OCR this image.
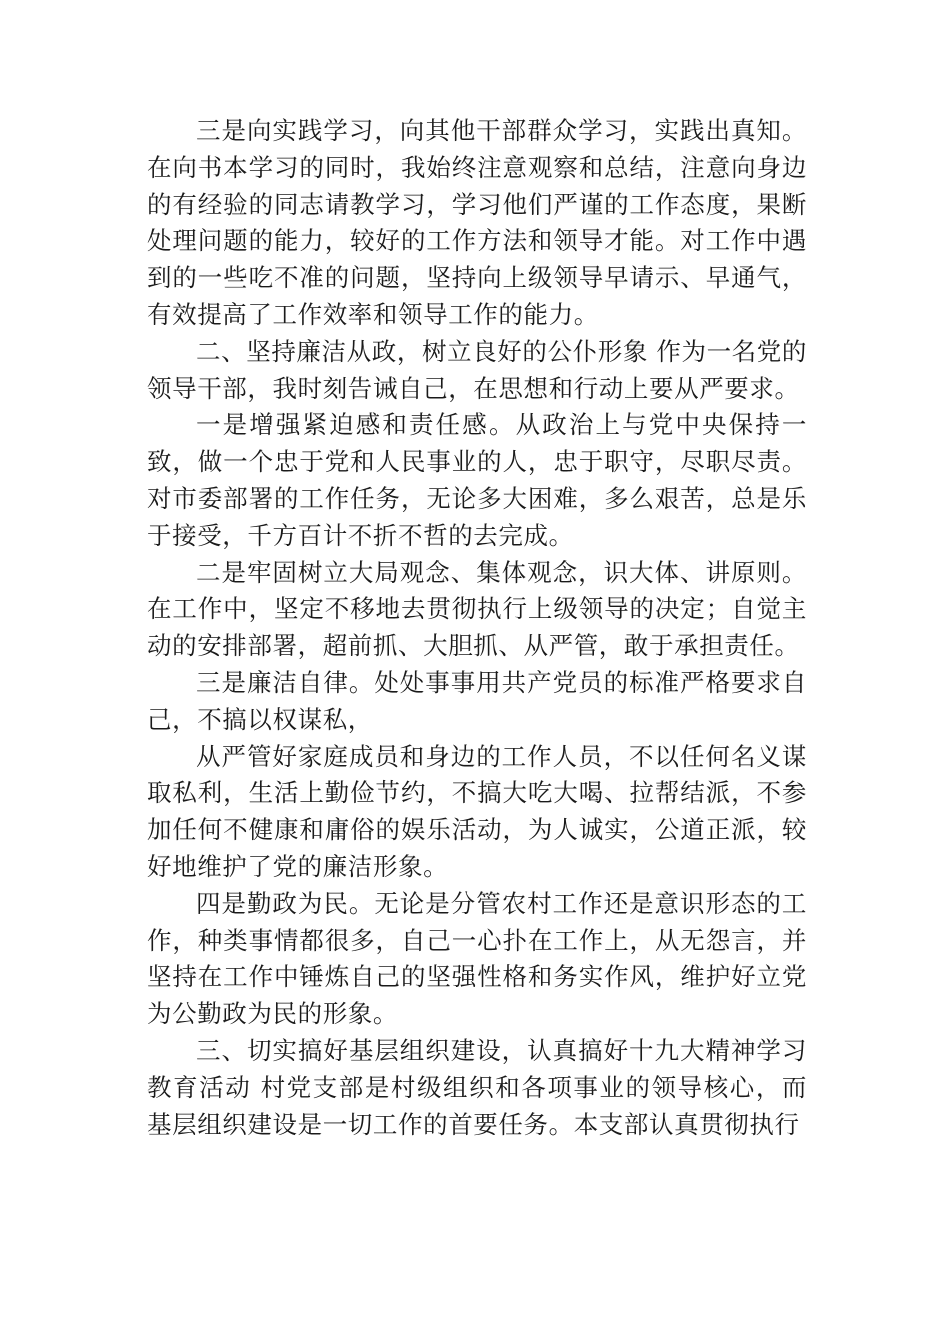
三是向实践学习，向其他干部群众学习，实践出真知。在向书本学习的同时，我始终注意观察和总结，注意向身边的有经验的同志请教学习，学习他们严谨的工作态度，果断处理问题的能力，较好的工作方法和领导才能。对工作中遇到的一些吃不准的问题，坚持向上级领导早请示、早通气，有效提高了工作效率和领导工作的能力。

二、坚持廉洁从政，树立良好的公仆形象 作为一名党的领导干部，我时刻告诫自己，在思想和行动上要从严要求。

一是增强紧迫感和责任感。从政治上与党中央保持一致，做一个忠于党和人民事业的人，忠于职守，尽职尽责。对市委部署的工作任务，无论多大困难，多么艰苦，总是乐于接受，千方百计不折不哲的去完成。

二是牢固树立大局观念、集体观念，识大体、讲原则。在工作中，坚定不移地去贯彻执行上级领导的决定；自觉主动的安排部署，超前抓、大胆抓、从严管，敢于承担责任。

三是廉洁自律。处处事事用共产党员的标准严格要求自己，不搞以权谋私，

从严管好家庭成员和身边的工作人员，不以任何名义谋取私利，生活上勤俭节约，不搞大吃大喝、拉帮结派，不参加任何不健康和庸俗的娱乐活动，为人诚实，公道正派，较好地维护了党的廉洁形象。

四是勤政为民。无论是分管农村工作还是意识形态的工作，种类事情都很多，自己一心扑在工作上，从无怨言，并坚持在工作中锤炼自己的坚强性格和务实作风，维护好立党为公勤政为民的形象。

三、切实搞好基层组织建设，认真搞好十九大精神学习教育活动 村党支部是村级组织和各项事业的领导核心，而基层组织建设是一切工作的首要任务。本支部认真贯彻执行
